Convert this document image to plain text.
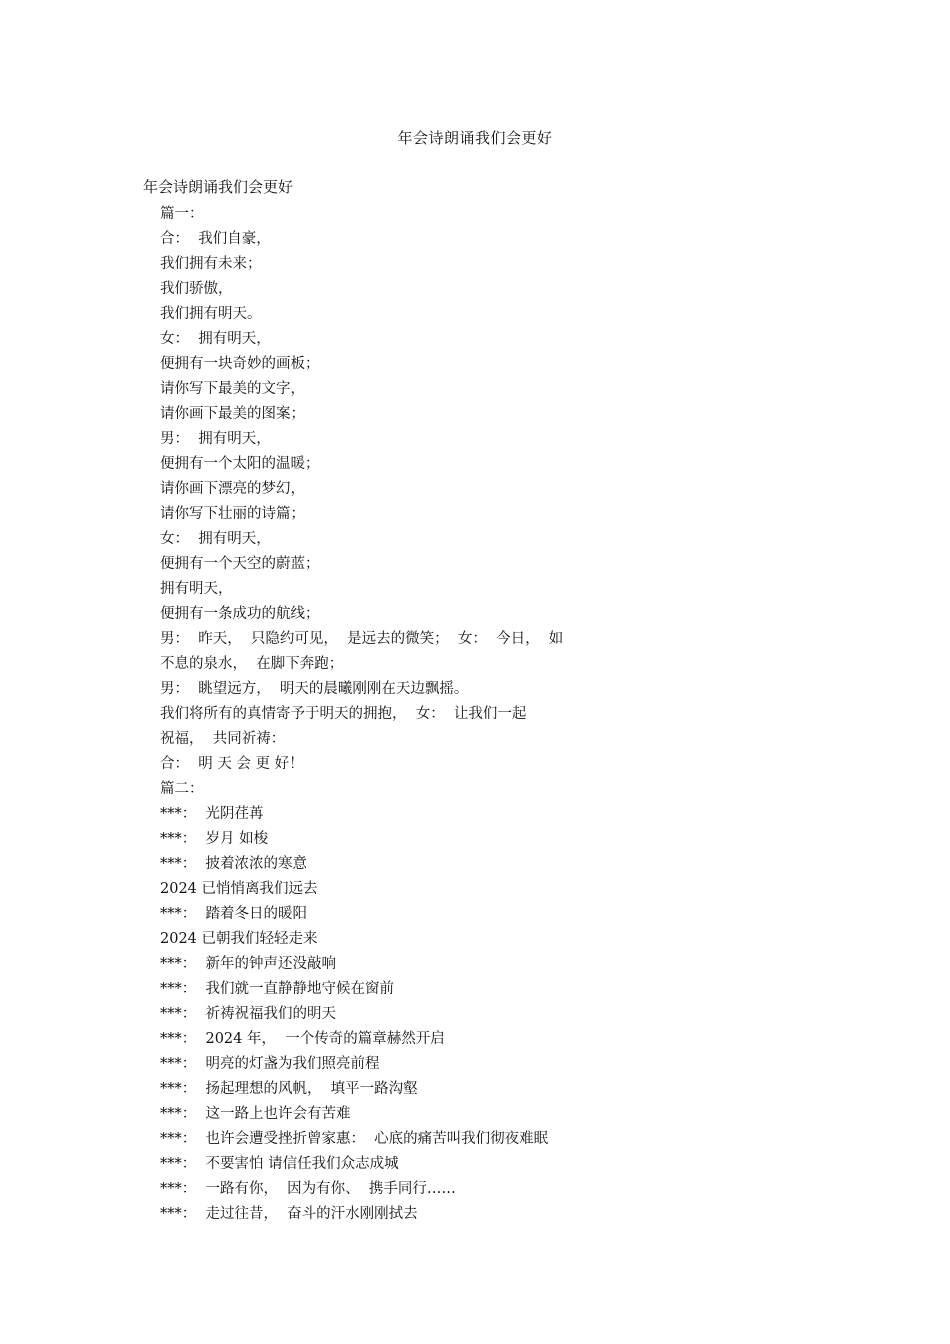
年会诗朗诵我们会更好
年会诗朗诵我们会更好
篇一：
合：  我们自豪，
我们拥有未来；
我们骄傲，
我们拥有明天。
女：  拥有明天，
便拥有一块奇妙的画板；
请你写下最美的文字，
请你画下最美的图案；
男：  拥有明天，
便拥有一个太阳的温暖；
请你画下漂亮的梦幻，
请你写下壮丽的诗篇；
女：  拥有明天，
便拥有一个天空的蔚蓝；
拥有明天，
便拥有一条成功的航线；
男：  昨天，  只隐约可见，  是远去的微笑；  女：  今日，  如
不息的泉水，  在脚下奔跑；
男：  眺望远方，  明天的晨曦刚刚在天边飘摇。
我们将所有的真情寄予于明天的拥抱，  女：  让我们一起
祝福，  共同祈祷：
合：  明 天 会 更 好！
篇二：
***：  光阴荏苒
***：  岁月 如梭
***：  披着浓浓的寒意
2024 已悄悄离我们远去
***：  踏着冬日的暖阳
2024 已朝我们轻轻走来
***：  新年的钟声还没敲响
***：  我们就一直静静地守候在窗前
***：  祈祷祝福我们的明天
***：  2024 年，  一个传奇的篇章赫然开启
***：  明亮的灯盏为我们照亮前程
***：  扬起理想的风帆，  填平一路沟壑
***：  这一路上也许会有苦难
***：  也许会遭受挫折曾家惠：  心底的痛苦叫我们彻夜难眠
***：  不要害怕 请信任我们众志成城
***：  一路有你，  因为有你、  携手同行……
***：  走过往昔，  奋斗的汗水刚刚拭去
